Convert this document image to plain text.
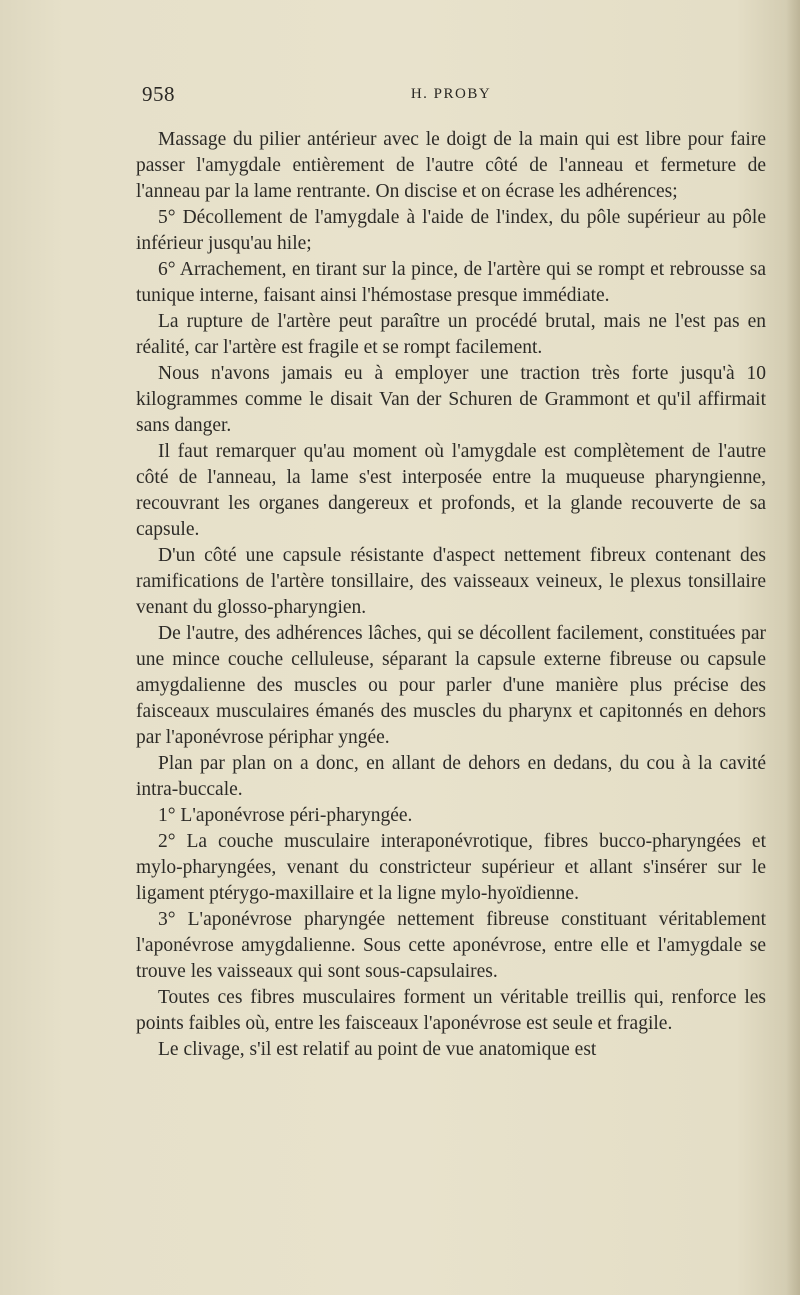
958	H. PROBY

Massage du pilier antérieur avec le doigt de la main qui est libre pour faire passer l'amygdale entièrement de l'autre côté de l'anneau et fermeture de l'anneau par la lame rentrante. On discise et on écrase les adhérences;

5° Décollement de l'amygdale à l'aide de l'index, du pôle supérieur au pôle inférieur jusqu'au hile;

6° Arrachement, en tirant sur la pince, de l'artère qui se rompt et rebrousse sa tunique interne, faisant ainsi l'hémostase presque immédiate.

La rupture de l'artère peut paraître un procédé brutal, mais ne l'est pas en réalité, car l'artère est fragile et se rompt facilement.

Nous n'avons jamais eu à employer une traction très forte jusqu'à 10 kilogrammes comme le disait Van der Schuren de Grammont et qu'il affirmait sans danger.

Il faut remarquer qu'au moment où l'amygdale est complètement de l'autre côté de l'anneau, la lame s'est interposée entre la muqueuse pharyngienne, recouvrant les organes dangereux et profonds, et la glande recouverte de sa capsule.

D'un côté une capsule résistante d'aspect nettement fibreux contenant des ramifications de l'artère tonsillaire, des vaisseaux veineux, le plexus tonsillaire venant du glosso-pharyngien.

De l'autre, des adhérences lâches, qui se décollent facilement, constituées par une mince couche celluleuse, séparant la capsule externe fibreuse ou capsule amygdalienne des muscles ou pour parler d'une manière plus précise des faisceaux musculaires émanés des muscles du pharynx et capitonnés en dehors par l'aponévrose périphar yngée.

Plan par plan on a donc, en allant de dehors en dedans, du cou à la cavité intra-buccale.

1° L'aponévrose péri-pharyngée.

2° La couche musculaire interaponévrotique, fibres bucco-pharyngées et mylo-pharyngées, venant du constricteur supérieur et allant s'insérer sur le ligament ptérygo-maxillaire et la ligne mylo-hyoïdienne.

3° L'aponévrose pharyngée nettement fibreuse constituant véritablement l'aponévrose amygdalienne. Sous cette aponévrose, entre elle et l'amygdale se trouve les vaisseaux qui sont sous-capsulaires.

Toutes ces fibres musculaires forment un véritable treillis qui, renforce les points faibles où, entre les faisceaux l'aponévrose est seule et fragile.

Le clivage, s'il est relatif au point de vue anatomique est
